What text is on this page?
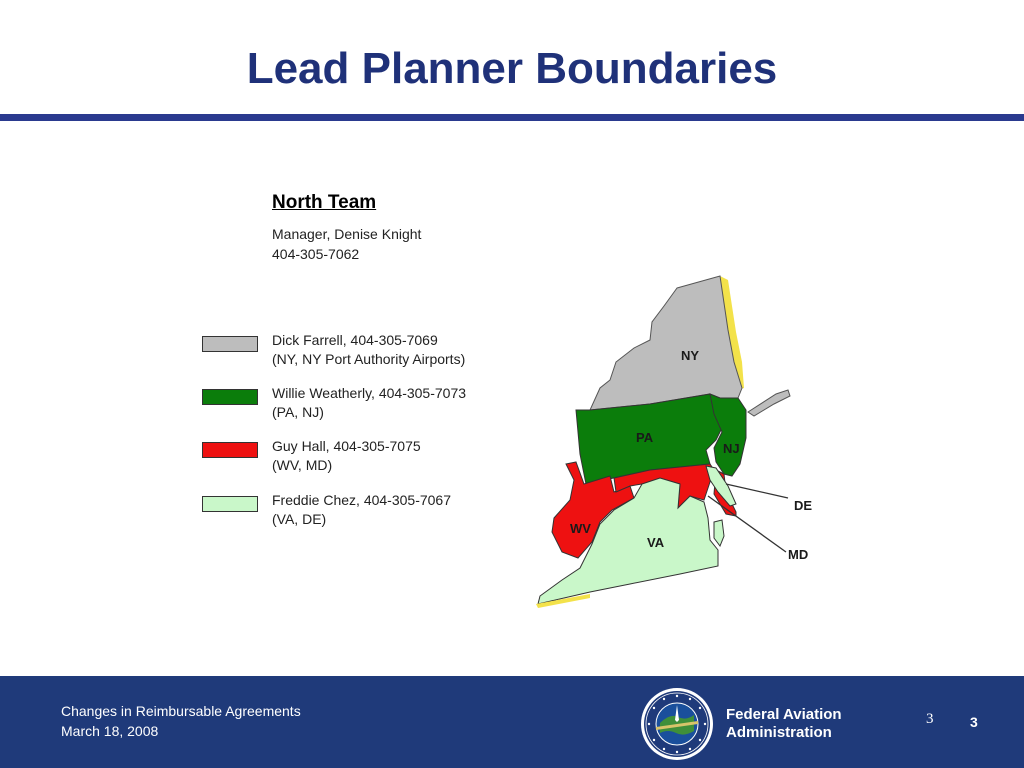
Lead Planner Boundaries
North Team
Manager, Denise Knight
404-305-7062
Dick Farrell, 404-305-7069
(NY, NY Port Authority Airports)
Willie Weatherly, 404-305-7073
(PA, NJ)
Guy Hall, 404-305-7075
(WV, MD)
Freddie Chez, 404-305-7067
(VA, DE)
NY
PA
NJ
WV
VA
DE
MD
Changes in Reimbursable Agreements
March 18, 2008
Federal Aviation
Administration
3	3
